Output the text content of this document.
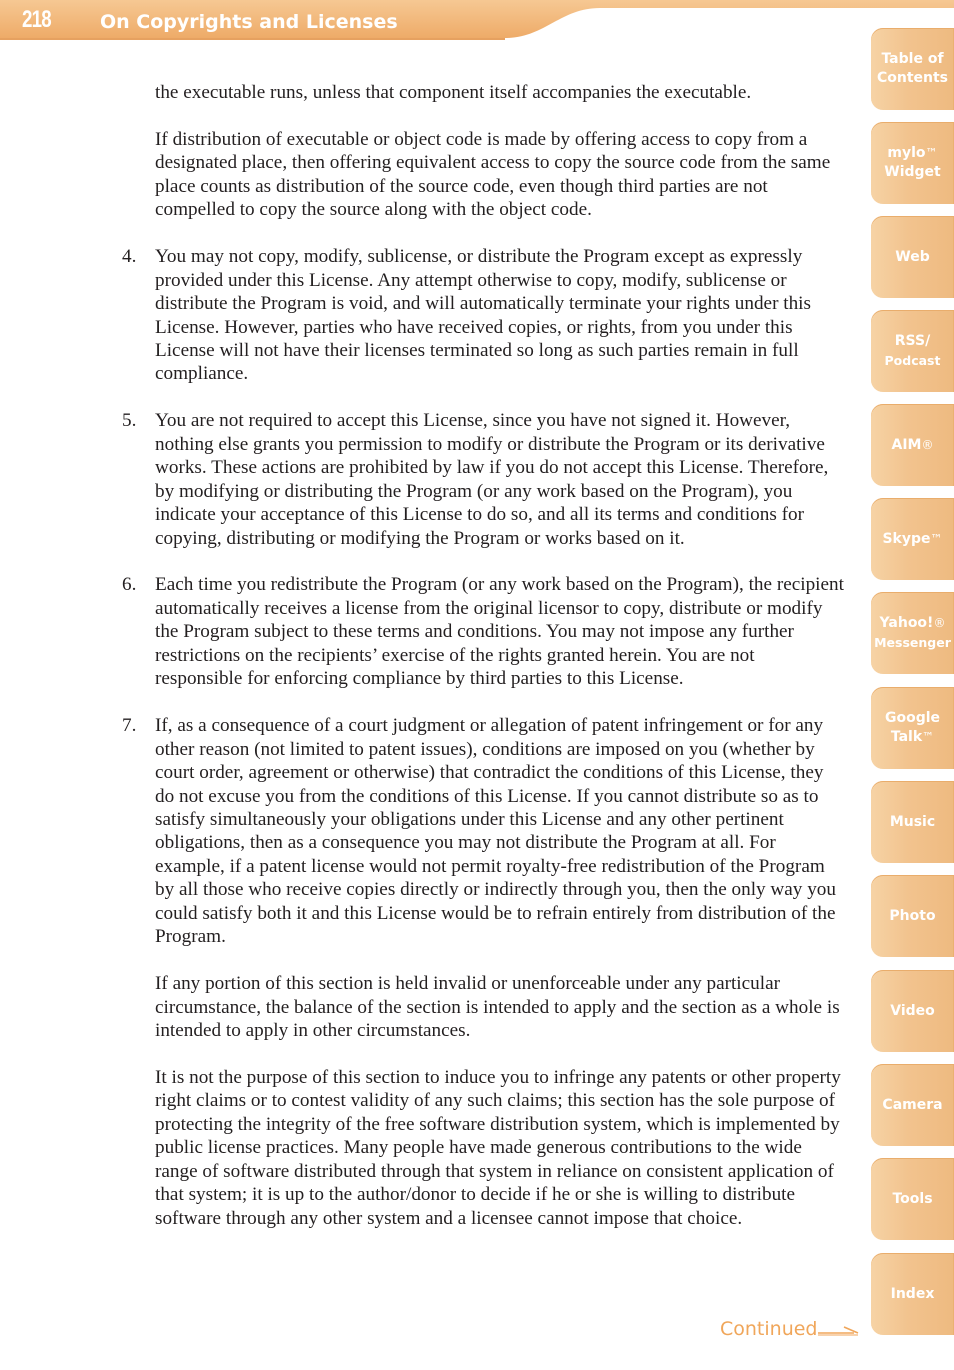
218	On Copyrights and Licenses

the executable runs, unless that component itself accompanies the executable.

If distribution of executable or object code is made by offering access to copy from a designated place, then offering equivalent access to copy the source code from the same place counts as distribution of the source code, even though third parties are not compelled to copy the source along with the object code.

4. You may not copy, modify, sublicense, or distribute the Program except as expressly provided under this License. Any attempt otherwise to copy, modify, sublicense or distribute the Program is void, and will automatically terminate your rights under this License. However, parties who have received copies, or rights, from you under this License will not have their licenses terminated so long as such parties remain in full compliance.
5. You are not required to accept this License, since you have not signed it. However, nothing else grants you permission to modify or distribute the Program or its derivative works. These actions are prohibited by law if you do not accept this License. Therefore, by modifying or distributing the Program (or any work based on the Program), you indicate your acceptance of this License to do so, and all its terms and conditions for copying, distributing or modifying the Program or works based on it.
6. Each time you redistribute the Program (or any work based on the Program), the recipient automatically receives a license from the original licensor to copy, distribute or modify the Program subject to these terms and conditions. You may not impose any further restrictions on the recipients’ exercise of the rights granted herein. You are not responsible for enforcing compliance by third parties to this License.
7. If, as a consequence of a court judgment or allegation of patent infringement or for any other reason (not limited to patent issues), conditions are imposed on you (whether by court order, agreement or otherwise) that contradict the conditions of this License, they do not excuse you from the conditions of this License. If you cannot distribute so as to satisfy simultaneously your obligations under this License and any other pertinent obligations, then as a consequence you may not distribute the Program at all. For example, if a patent license would not permit royalty-free redistribution of the Program by all those who receive copies directly or indirectly through you, then the only way you could satisfy both it and this License would be to refrain entirely from distribution of the Program.

If any portion of this section is held invalid or unenforceable under any particular circumstance, the balance of the section is intended to apply and the section as a whole is intended to apply in other circumstances.

It is not the purpose of this section to induce you to infringe any patents or other property right claims or to contest validity of any such claims; this section has the sole purpose of protecting the integrity of the free software distribution system, which is implemented by public license practices. Many people have made generous contributions to the wide range of software distributed through that system in reliance on consistent application of that system; it is up to the author/donor to decide if he or she is willing to distribute software through any other system and a licensee cannot impose that choice.

Table of
Contents
mylo™
Widget
Web
RSS/
Podcast
AIM®
Skype™
Yahoo!®
Messenger
Google
Talk™
Music
Photo
Video
Camera
Tools
Index
Continued
